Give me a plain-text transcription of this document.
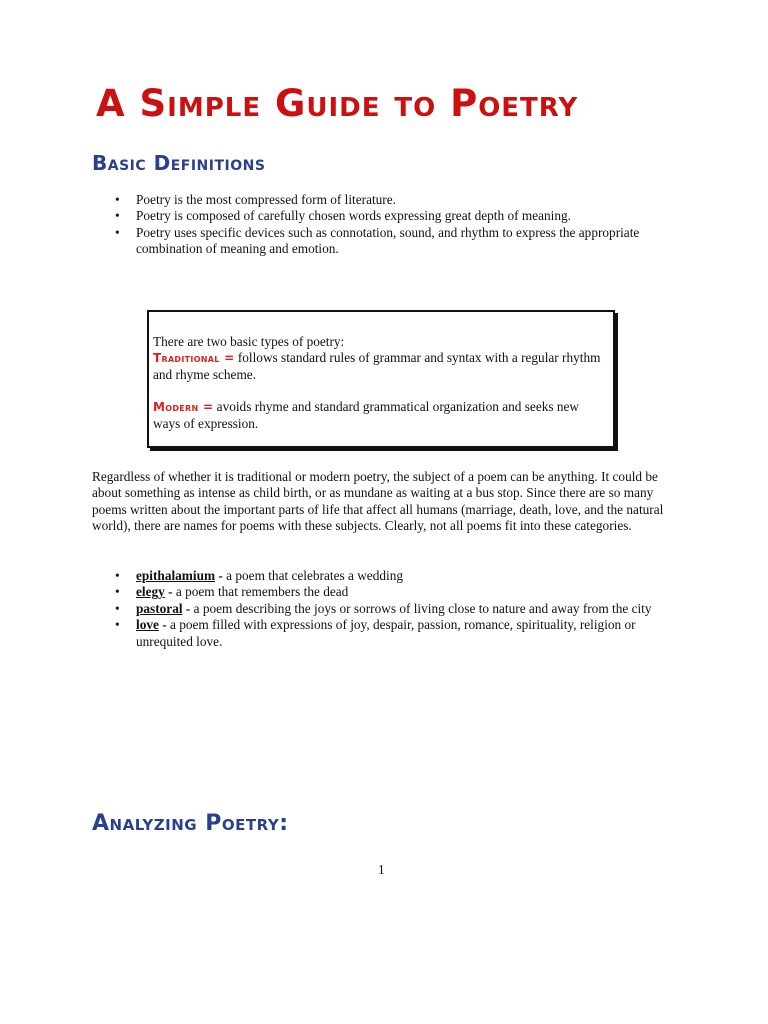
A Simple Guide to Poetry
Basic Definitions
• Poetry is the most compressed form of literature.
• Poetry is composed of carefully chosen words expressing great depth of meaning.
• Poetry uses specific devices such as connotation, sound, and rhythm to express the appropriate combination of meaning and emotion.

There are two basic types of poetry:

Traditional = follows standard rules of grammar and syntax with a regular rhythm and rhyme scheme.

Modern = avoids rhyme and standard grammatical organization and seeks new ways of expression.

Regardless of whether it is traditional or modern poetry, the subject of a poem can be anything. It could be about something as intense as child birth, or as mundane as waiting at a bus stop. Since there are so many poems written about the important parts of life that affect all humans (marriage, death, love, and the natural world), there are names for poems with these subjects. Clearly, not all poems fit into these categories.

• epithalamium - a poem that celebrates a wedding
• elegy - a poem that remembers the dead
• pastoral - a poem describing the joys or sorrows of living close to nature and away from the city
• love - a poem filled with expressions of joy, despair, passion, romance, spirituality, religion or unrequited love.
Analyzing Poetry:
1
